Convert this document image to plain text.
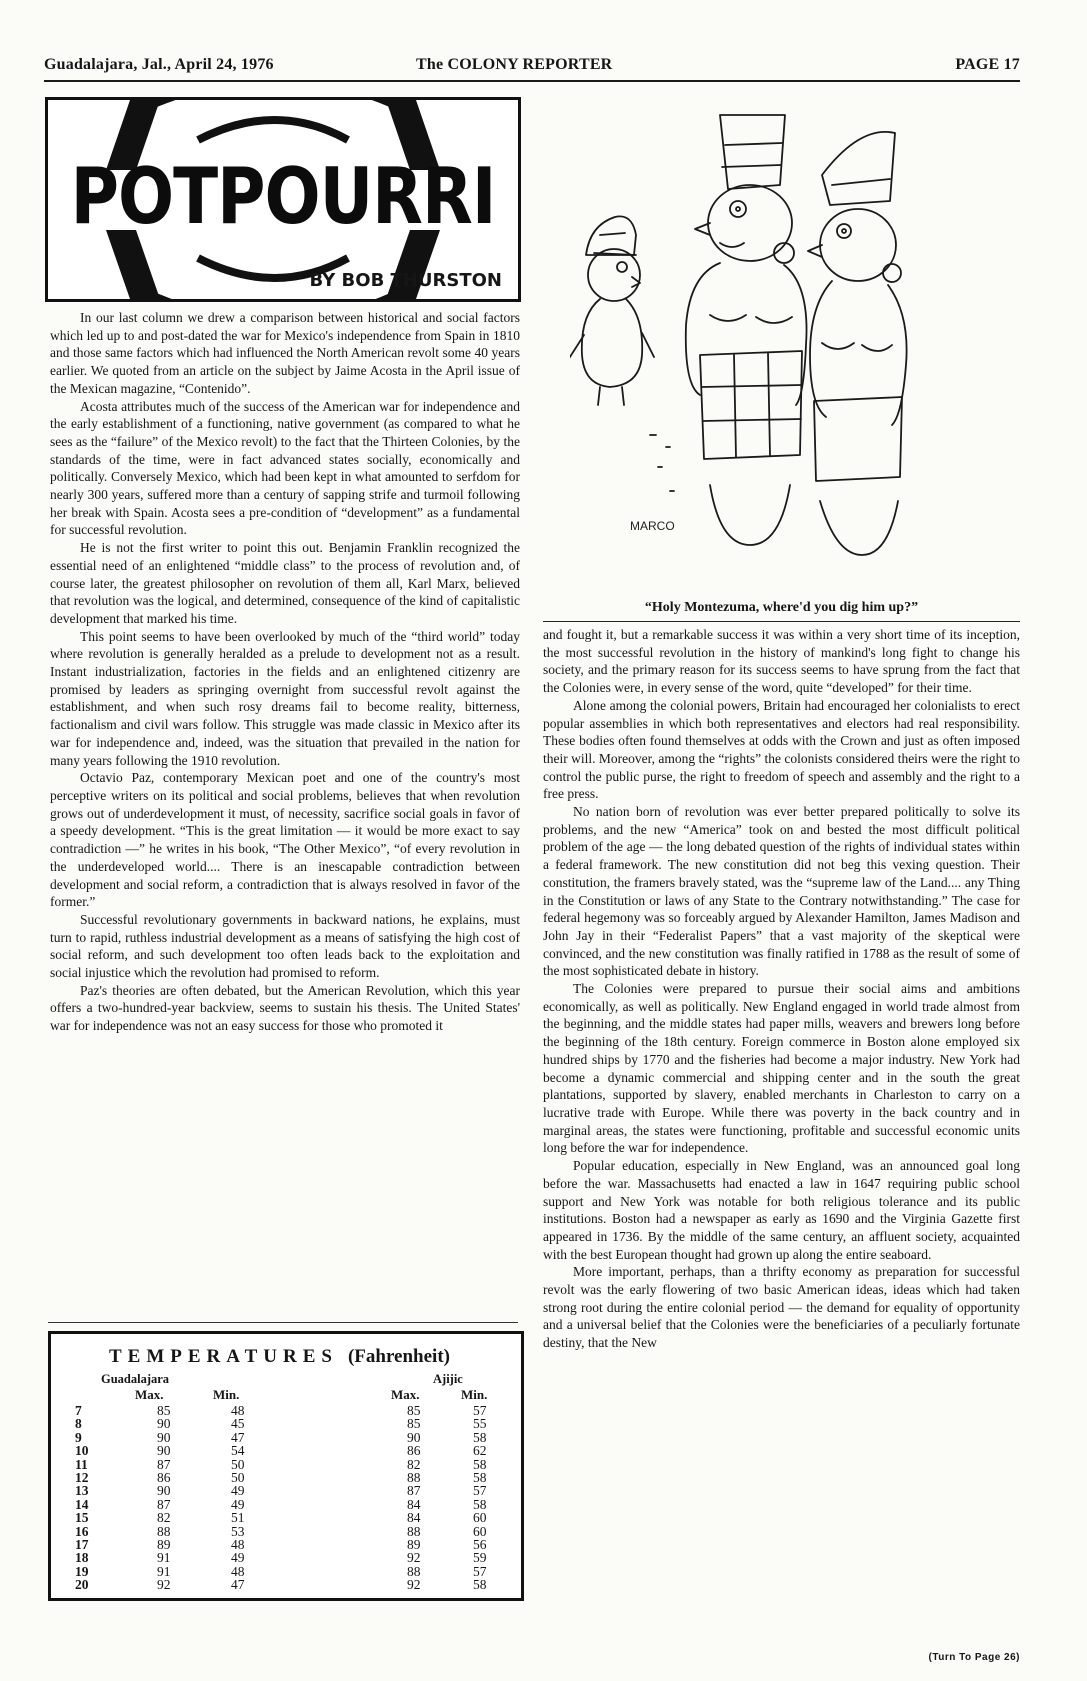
Guadalajara, Jal., April 24, 1976	The COLONY REPORTER	PAGE 17
POTPOURRI
BY BOB THURSTON

In our last column we drew a comparison between historical and social factors which led up to and post-dated the war for Mexico's independence from Spain in 1810 and those same factors which had influenced the North American revolt some 40 years earlier. We quoted from an article on the subject by Jaime Acosta in the April issue of the Mexican magazine, “Contenido”.

Acosta attributes much of the success of the American war for independence and the early establishment of a functioning, native government (as compared to what he sees as the “failure” of the Mexico revolt) to the fact that the Thirteen Colonies, by the standards of the time, were in fact advanced states socially, economically and politically. Conversely Mexico, which had been kept in what amounted to serfdom for nearly 300 years, suffered more than a century of sapping strife and turmoil following her break with Spain. Acosta sees a pre-condition of “development” as a fundamental for successful revolution.

He is not the first writer to point this out. Benjamin Franklin recognized the essential need of an enlightened “middle class” to the process of revolution and, of course later, the greatest philosopher on revolution of them all, Karl Marx, believed that revolution was the logical, and determined, consequence of the kind of capitalistic development that marked his time.

This point seems to have been overlooked by much of the “third world” today where revolution is generally heralded as a prelude to development not as a result. Instant industrialization, factories in the fields and an enlightened citizenry are promised by leaders as springing overnight from successful revolt against the establishment, and when such rosy dreams fail to become reality, bitterness, factionalism and civil wars follow. This struggle was made classic in Mexico after its war for independence and, indeed, was the situation that prevailed in the nation for many years following the 1910 revolution.

Octavio Paz, contemporary Mexican poet and one of the country's most perceptive writers on its political and social problems, believes that when revolution grows out of underdevelopment it must, of necessity, sacrifice social goals in favor of a speedy development. “This is the great limitation — it would be more exact to say contradiction —” he writes in his book, “The Other Mexico”, “of every revolution in the underdeveloped world.... There is an inescapable contradiction between development and social reform, a contradiction that is always resolved in favor of the former.”

Successful revolutionary governments in backward nations, he explains, must turn to rapid, ruthless industrial development as a means of satisfying the high cost of social reform, and such development too often leads back to the exploitation and social injustice which the revolution had promised to reform.

Paz's theories are often debated, but the American Revolution, which this year offers a two-hundred-year backview, seems to sustain his thesis. The United States' war for independence was not an easy success for those who promoted it

MARCO
“Holy Montezuma, where'd you dig him up?”

and fought it, but a remarkable success it was within a very short time of its inception, the most successful revolution in the history of mankind's long fight to change his society, and the primary reason for its success seems to have sprung from the fact that the Colonies were, in every sense of the word, quite “developed” for their time.

Alone among the colonial powers, Britain had encouraged her colonialists to erect popular assemblies in which both representatives and electors had real responsibility. These bodies often found themselves at odds with the Crown and just as often imposed their will. Moreover, among the “rights” the colonists considered theirs were the right to control the public purse, the right to freedom of speech and assembly and the right to a free press.

No nation born of revolution was ever better prepared politically to solve its problems, and the new “America” took on and bested the most difficult political problem of the age — the long debated question of the rights of individual states within a federal framework. The new constitution did not beg this vexing question. Their constitution, the framers bravely stated, was the “supreme law of the Land.... any Thing in the Constitution or laws of any State to the Contrary notwithstanding.” The case for federal hegemony was so forceably argued by Alexander Hamilton, James Madison and John Jay in their “Federalist Papers” that a vast majority of the skeptical were convinced, and the new constitution was finally ratified in 1788 as the result of some of the most sophisticated debate in history.

The Colonies were prepared to pursue their social aims and ambitions economically, as well as politically. New England engaged in world trade almost from the beginning, and the middle states had paper mills, weavers and brewers long before the beginning of the 18th century. Foreign commerce in Boston alone employed six hundred ships by 1770 and the fisheries had become a major industry. New York had become a dynamic commercial and shipping center and in the south the great plantations, supported by slavery, enabled merchants in Charleston to carry on a lucrative trade with Europe. While there was poverty in the back country and in marginal areas, the states were functioning, profitable and successful economic units long before the war for independence.

Popular education, especially in New England, was an announced goal long before the war. Massachusetts had enacted a law in 1647 requiring public school support and New York was notable for both religious tolerance and its public institutions. Boston had a newspaper as early as 1690 and the Virginia Gazette first appeared in 1736. By the middle of the same century, an affluent society, acquainted with the best European thought had grown up along the entire seaboard.

More important, perhaps, than a thrifty economy as preparation for successful revolt was the early flowering of two basic American ideas, ideas which had taken strong root during the entire colonial period — the demand for equality of opportunity and a universal belief that the Colonies were the beneficiaries of a peculiarly fortunate destiny, that the New

(Turn To Page 26)
TEMPERATURES (Fahrenheit)
Guadalajara	Ajijic
Max.	Min.	Max.	Min.
7	85	48	85	57
8	90	45	85	55
9	90	47	90	58
10	90	54	86	62
11	87	50	82	58
12	86	50	88	58
13	90	49	87	57
14	87	49	84	58
15	82	51	84	60
16	88	53	88	60
17	89	48	89	56
18	91	49	92	59
19	91	48	88	57
20	92	47	92	58
